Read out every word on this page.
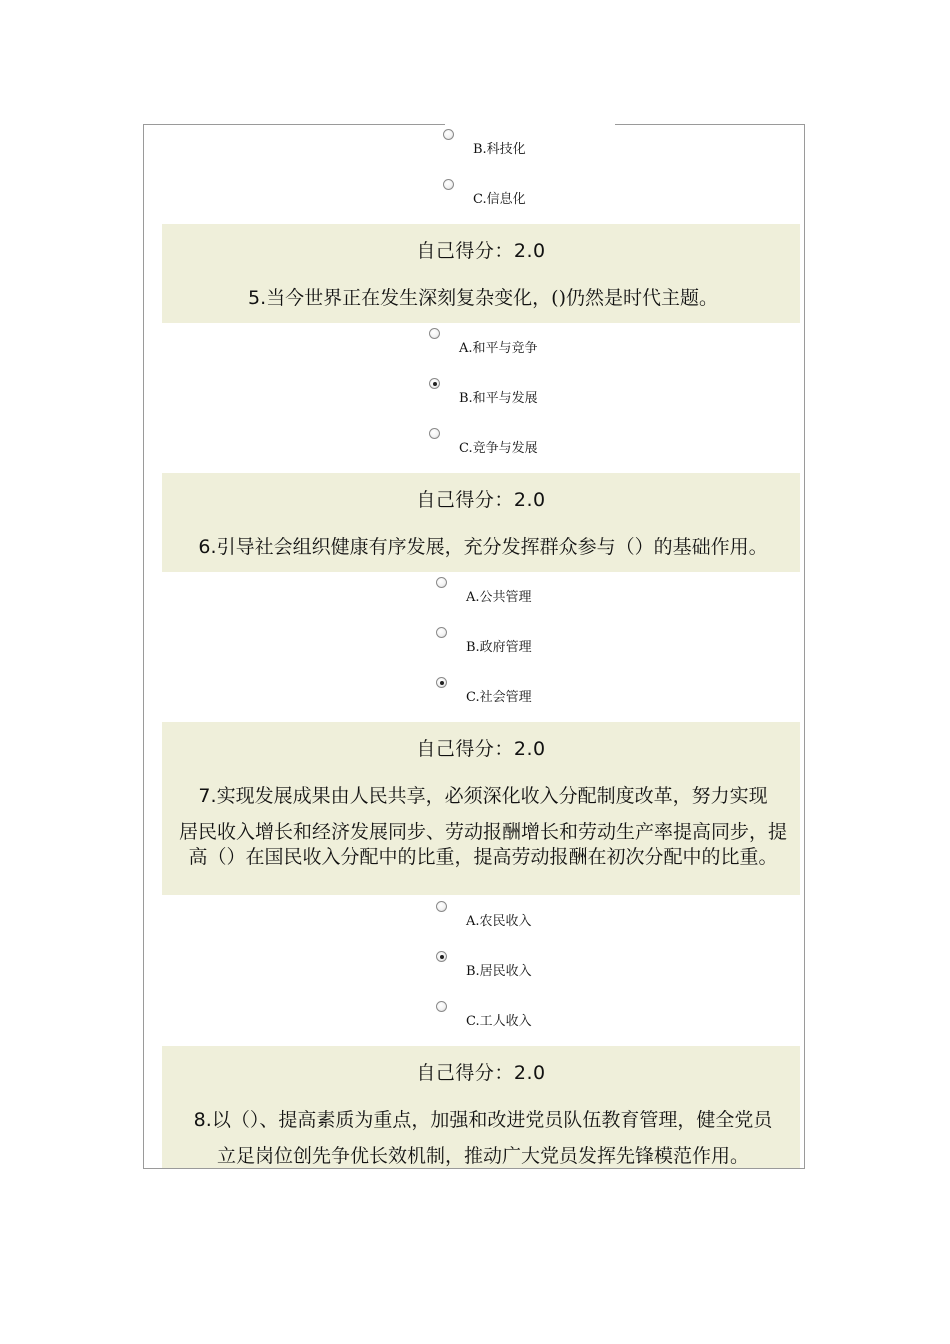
B.科技化
C.信息化
自己得分：2.0
5.当今世界正在发生深刻复杂变化，()仍然是时代主题。
A.和平与竞争
B.和平与发展
C.竞争与发展
自己得分：2.0
6.引导社会组织健康有序发展，充分发挥群众参与（）的基础作用。
A.公共管理
B.政府管理
C.社会管理
自己得分：2.0
7.实现发展成果由人民共享，必须深化收入分配制度改革，努力实现
居民收入增长和经济发展同步、劳动报酬增长和劳动生产率提高同步，提高（）在国民收入分配中的比重，提高劳动报酬在初次分配中的比重。
A.农民收入
B.居民收入
C.工人收入
自己得分：2.0
8.以（）、提高素质为重点，加强和改进党员队伍教育管理，健全党员
立足岗位创先争优长效机制，推动广大党员发挥先锋模范作用。
